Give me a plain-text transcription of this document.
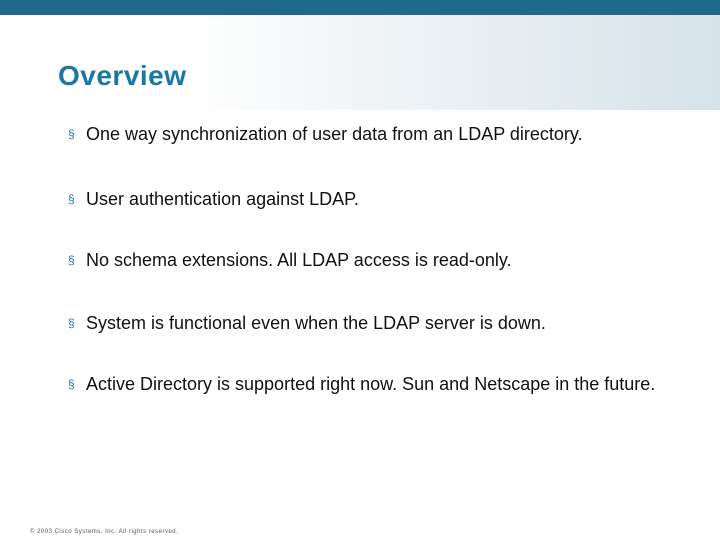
Overview
§ One way synchronization of user data from an LDAP directory.
§ User authentication against LDAP.
§ No schema extensions. All LDAP access is read-only.
§ System is functional even when the LDAP server is down.
§ Active Directory is supported right now. Sun and Netscape in the future.
© 2003 Cisco Systems, Inc. All rights reserved.
